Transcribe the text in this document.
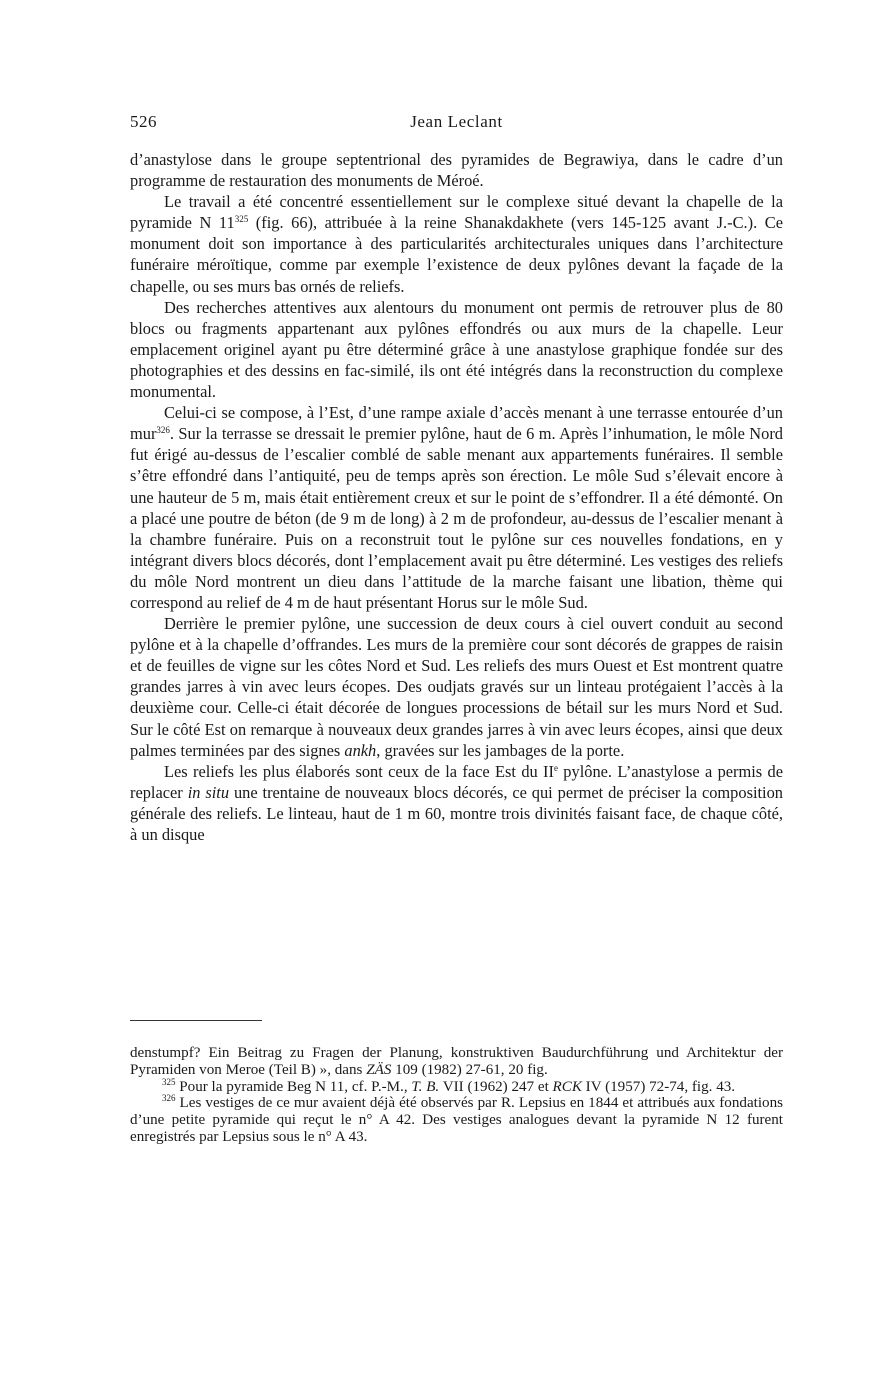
526	Jean Leclant

d’anastylose dans le groupe septentrional des pyramides de Begrawiya, dans le cadre d’un programme de restauration des monuments de Méroé.

Le travail a été concentré essentiellement sur le complexe situé devant la chapelle de la pyramide N $11^{325}$ (fig. 66), attribuée à la reine Shanakdakhete (vers 145-125 avant J.-C.). Ce monument doit son importance à des particularités architecturales uniques dans l’architecture funéraire méroïtique, comme par exemple l’existence de deux pylônes devant la façade de la chapelle, ou ses murs bas ornés de reliefs.

Des recherches attentives aux alentours du monument ont permis de retrouver plus de 80 blocs ou fragments appartenant aux pylônes effondrés ou aux murs de la chapelle. Leur emplacement originel ayant pu être déterminé grâce à une anastylose graphique fondée sur des photographies et des dessins en fac-similé, ils ont été intégrés dans la reconstruction du complexe monumental.

Celui-ci se compose, à l’Est, d’une rampe axiale d’accès menant à une terrasse entourée d’un mur$^{326}$. Sur la terrasse se dressait le premier pylône, haut de 6 m. Après l’inhumation, le môle Nord fut érigé au-dessus de l’escalier comblé de sable menant aux appartements funéraires. Il semble s’être effondré dans l’antiquité, peu de temps après son érection. Le môle Sud s’élevait encore à une hauteur de 5 m, mais était entièrement creux et sur le point de s’effondrer. Il a été démonté. On a placé une poutre de béton (de 9 m de long) à 2 m de profondeur, au-dessus de l’escalier menant à la chambre funéraire. Puis on a reconstruit tout le pylône sur ces nouvelles fondations, en y intégrant divers blocs décorés, dont l’emplacement avait pu être déterminé. Les vestiges des reliefs du môle Nord montrent un dieu dans l’attitude de la marche faisant une libation, thème qui correspond au relief de 4 m de haut présentant Horus sur le môle Sud.

Derrière le premier pylône, une succession de deux cours à ciel ouvert conduit au second pylône et à la chapelle d’offrandes. Les murs de la première cour sont décorés de grappes de raisin et de feuilles de vigne sur les côtes Nord et Sud. Les reliefs des murs Ouest et Est montrent quatre grandes jarres à vin avec leurs écopes. Des oudjats gravés sur un linteau protégaient l’accès à la deuxième cour. Celle-ci était décorée de longues processions de bétail sur les murs Nord et Sud. Sur le côté Est on remarque à nouveaux deux grandes jarres à vin avec leurs écopes, ainsi que deux palmes terminées par des signes ankh, gravées sur les jambages de la porte.

Les reliefs les plus élaborés sont ceux de la face Est du IIe pylône. L’anastylose a permis de replacer in situ une trentaine de nouveaux blocs décorés, ce qui permet de préciser la composition générale des reliefs. Le linteau, haut de 1 m 60, montre trois divinités faisant face, de chaque côté, à un disque

denstumpf? Ein Beitrag zu Fragen der Planung, konstruktiven Baudurchführung und Architektur der Pyramiden von Meroe (Teil B) », dans ZÄS 109 (1982) 27-61, 20 fig.

$^{325}$ Pour la pyramide Beg N 11, cf. P.-M., T. B. VII (1962) 247 et RCK IV (1957) 72-74, fig. 43.

$^{326}$ Les vestiges de ce mur avaient déjà été observés par R. Lepsius en 1844 et attribués aux fondations d’une petite pyramide qui reçut le n° A 42. Des vestiges analogues devant la pyramide N 12 furent enregistrés par Lepsius sous le n° A 43.
